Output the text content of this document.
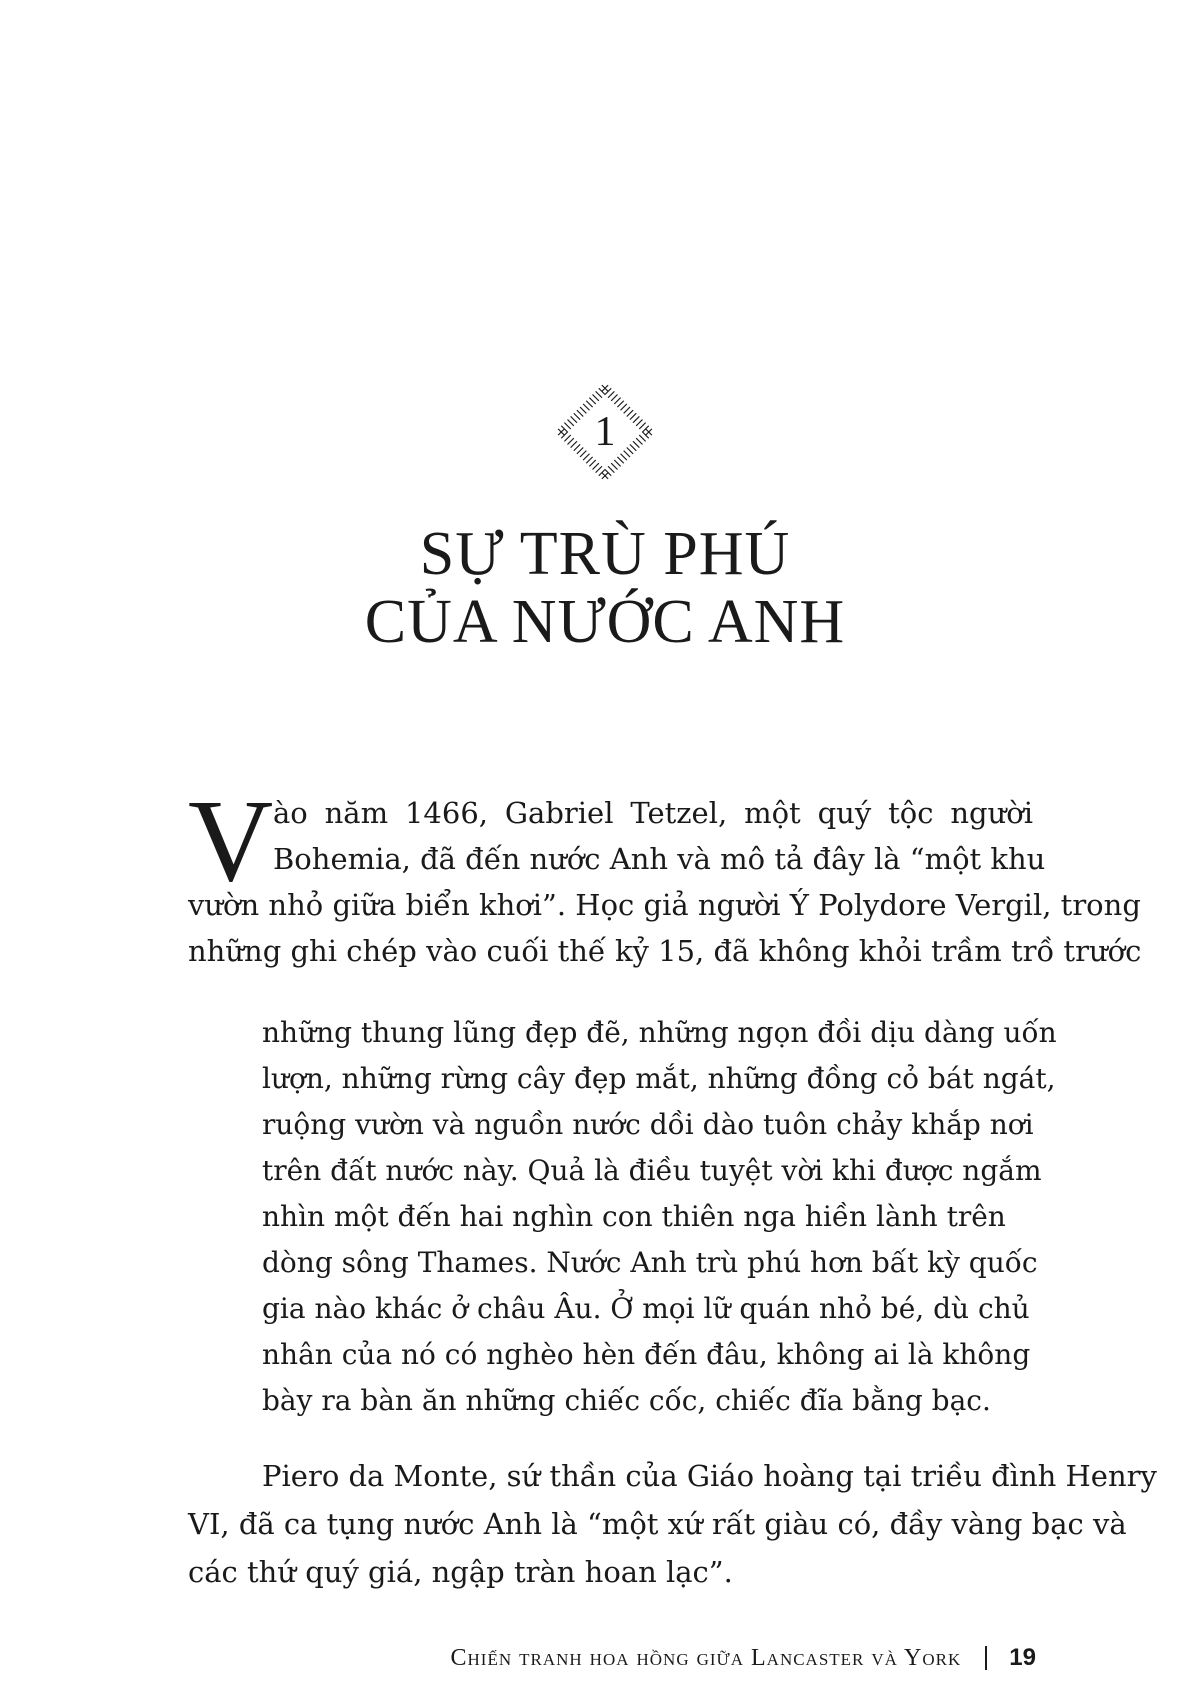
1
SỰ TRÙ PHÚ
CỦA NƯỚC ANH
V ào năm 1466, Gabriel Tetzel, một quý tộc người
Bohemia, đã đến nước Anh và mô tả đây là “một khu
vườn nhỏ giữa biển khơi”. Học giả người Ý Polydore Vergil, trong
những ghi chép vào cuối thế kỷ 15, đã không khỏi trầm trồ trước

những thung lũng đẹp đẽ, những ngọn đồi dịu dàng uốn
lượn, những rừng cây đẹp mắt, những đồng cỏ bát ngát,
ruộng vườn và nguồn nước dồi dào tuôn chảy khắp nơi
trên đất nước này. Quả là điều tuyệt vời khi được ngắm
nhìn một đến hai nghìn con thiên nga hiền lành trên
dòng sông Thames. Nước Anh trù phú hơn bất kỳ quốc
gia nào khác ở châu Âu. Ở mọi lữ quán nhỏ bé, dù chủ
nhân của nó có nghèo hèn đến đâu, không ai là không
bày ra bàn ăn những chiếc cốc, chiếc đĩa bằng bạc.

Piero da Monte, sứ thần của Giáo hoàng tại triều đình Henry
VI, đã ca tụng nước Anh là “một xứ rất giàu có, đầy vàng bạc và
các thứ quý giá, ngập tràn hoan lạc”.

Chiến tranh hoa hồng giữa Lancaster và York 19
